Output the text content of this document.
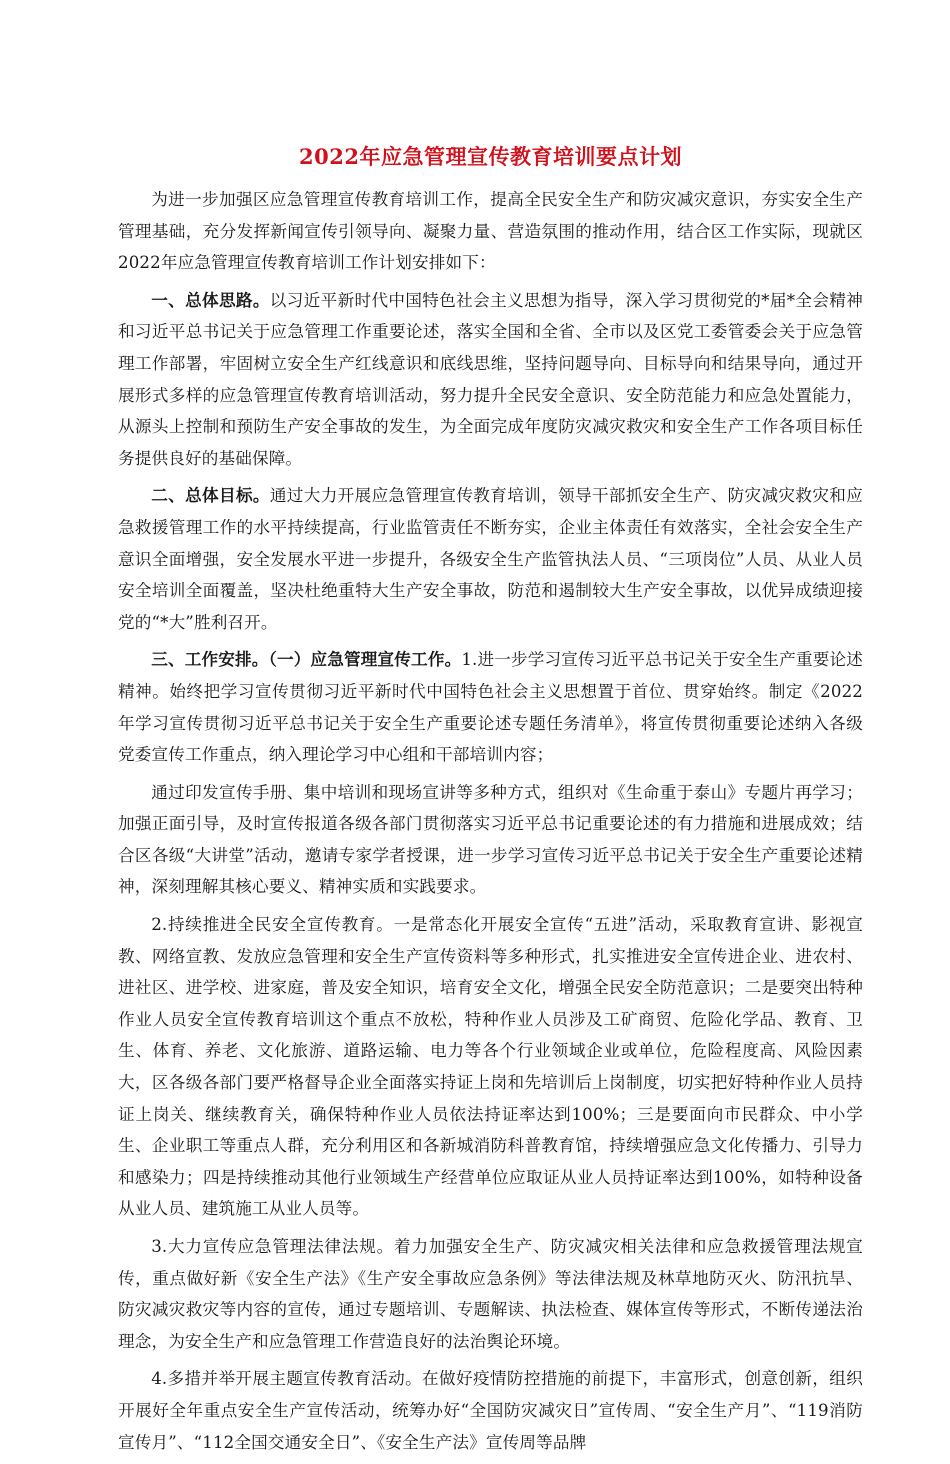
2022年应急管理宣传教育培训要点计划

为进一步加强区应急管理宣传教育培训工作，提高全民安全生产和防灾减灾意识，夯实安全生产管理基础，充分发挥新闻宣传引领导向、凝聚力量、营造氛围的推动作用，结合区工作实际，现就区2022年应急管理宣传教育培训工作计划安排如下：

一、总体思路。以习近平新时代中国特色社会主义思想为指导，深入学习贯彻党的*届*全会精神和习近平总书记关于应急管理工作重要论述，落实全国和全省、全市以及区党工委管委会关于应急管理工作部署，牢固树立安全生产红线意识和底线思维，坚持问题导向、目标导向和结果导向，通过开展形式多样的应急管理宣传教育培训活动，努力提升全民安全意识、安全防范能力和应急处置能力，从源头上控制和预防生产安全事故的发生，为全面完成年度防灾减灾救灾和安全生产工作各项目标任务提供良好的基础保障。

二、总体目标。通过大力开展应急管理宣传教育培训，领导干部抓安全生产、防灾减灾救灾和应急救援管理工作的水平持续提高，行业监管责任不断夯实，企业主体责任有效落实，全社会安全生产意识全面增强，安全发展水平进一步提升，各级安全生产监管执法人员、“三项岗位”人员、从业人员安全培训全面覆盖，坚决杜绝重特大生产安全事故，防范和遏制较大生产安全事故，以优异成绩迎接党的“*大”胜利召开。

三、工作安排。（一）应急管理宣传工作。1.进一步学习宣传习近平总书记关于安全生产重要论述精神。始终把学习宣传贯彻习近平新时代中国特色社会主义思想置于首位、贯穿始终。制定《2022年学习宣传贯彻习近平总书记关于安全生产重要论述专题任务清单》，将宣传贯彻重要论述纳入各级党委宣传工作重点，纳入理论学习中心组和干部培训内容；

通过印发宣传手册、集中培训和现场宣讲等多种方式，组织对《生命重于泰山》专题片再学习；加强正面引导，及时宣传报道各级各部门贯彻落实习近平总书记重要论述的有力措施和进展成效；结合区各级“大讲堂”活动，邀请专家学者授课，进一步学习宣传习近平总书记关于安全生产重要论述精神，深刻理解其核心要义、精神实质和实践要求。

2.持续推进全民安全宣传教育。一是常态化开展安全宣传“五进”活动，采取教育宣讲、影视宣教、网络宣教、发放应急管理和安全生产宣传资料等多种形式，扎实推进安全宣传进企业、进农村、进社区、进学校、进家庭，普及安全知识，培育安全文化，增强全民安全防范意识；二是要突出特种作业人员安全宣传教育培训这个重点不放松，特种作业人员涉及工矿商贸、危险化学品、教育、卫生、体育、养老、文化旅游、道路运输、电力等各个行业领域企业或单位，危险程度高、风险因素大，区各级各部门要严格督导企业全面落实持证上岗和先培训后上岗制度，切实把好特种作业人员持证上岗关、继续教育关，确保特种作业人员依法持证率达到100%；三是要面向市民群众、中小学生、企业职工等重点人群，充分利用区和各新城消防科普教育馆，持续增强应急文化传播力、引导力和感染力；四是持续推动其他行业领域生产经营单位应取证从业人员持证率达到100%，如特种设备从业人员、建筑施工从业人员等。

3.大力宣传应急管理法律法规。着力加强安全生产、防灾减灾相关法律和应急救援管理法规宣传，重点做好新《安全生产法》《生产安全事故应急条例》等法律法规及林草地防灭火、防汛抗旱、防灾减灾救灾等内容的宣传，通过专题培训、专题解读、执法检查、媒体宣传等形式，不断传递法治理念，为安全生产和应急管理工作营造良好的法治舆论环境。

4.多措并举开展主题宣传教育活动。在做好疫情防控措施的前提下，丰富形式，创意创新，组织开展好全年重点安全生产宣传活动，统筹办好“全国防灾减灾日”宣传周、“安全生产月”、“119消防宣传月”、“112全国交通安全日”、《安全生产法》宣传周等品牌
